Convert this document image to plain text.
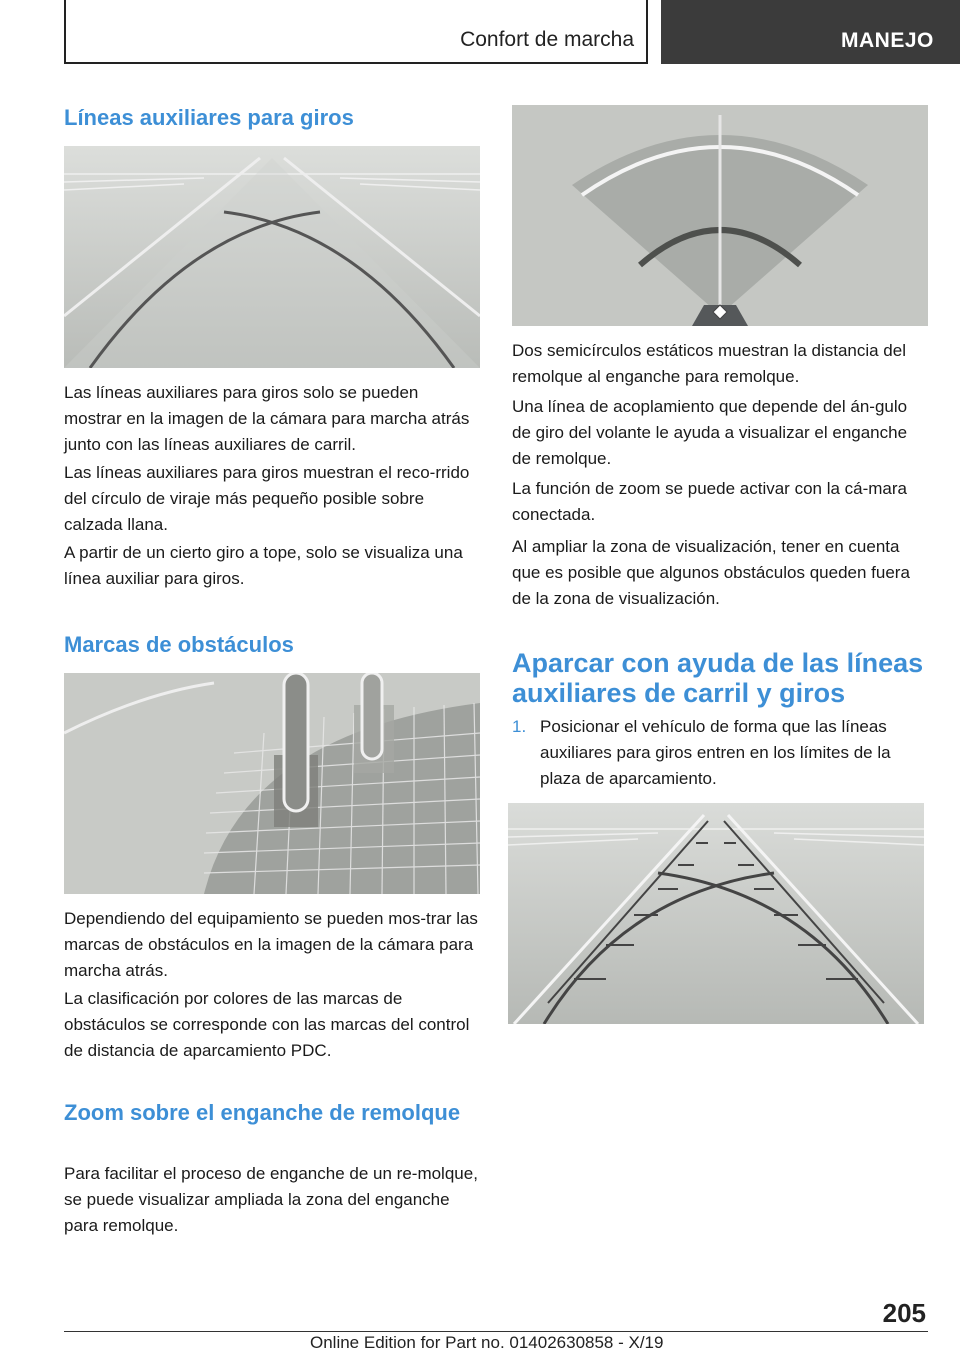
Confort de marcha	MANEJO
Líneas auxiliares para giros

Las líneas auxiliares para giros solo se pueden mostrar en la imagen de la cámara para marcha atrás junto con las líneas auxiliares de carril.

Las líneas auxiliares para giros muestran el reco‐rrido del círculo de viraje más pequeño posible sobre calzada llana.

A partir de un cierto giro a tope, solo se visualiza una línea auxiliar para giros.

Marcas de obstáculos

Dependiendo del equipamiento se pueden mos‐trar las marcas de obstáculos en la imagen de la cámara para marcha atrás.

La clasificación por colores de las marcas de obstáculos se corresponde con las marcas del control de distancia de aparcamiento PDC.

Zoom sobre el enganche de remolque

Para facilitar el proceso de enganche de un re‐molque, se puede visualizar ampliada la zona del enganche para remolque.

Dos semicírculos estáticos muestran la distancia del remolque al enganche para remolque.

Una línea de acoplamiento que depende del án‐gulo de giro del volante le ayuda a visualizar el enganche de remolque.

La función de zoom se puede activar con la cá‐mara conectada.

Al ampliar la zona de visualización, tener en cuenta que es posible que algunos obstáculos queden fuera de la zona de visualización.

Aparcar con ayuda de las líneas auxiliares de carril y giros
1. Posicionar el vehículo de forma que las líneas auxiliares para giros entren en los límites de la plaza de aparcamiento.

205
Online Edition for Part no. 01402630858 - X/19
